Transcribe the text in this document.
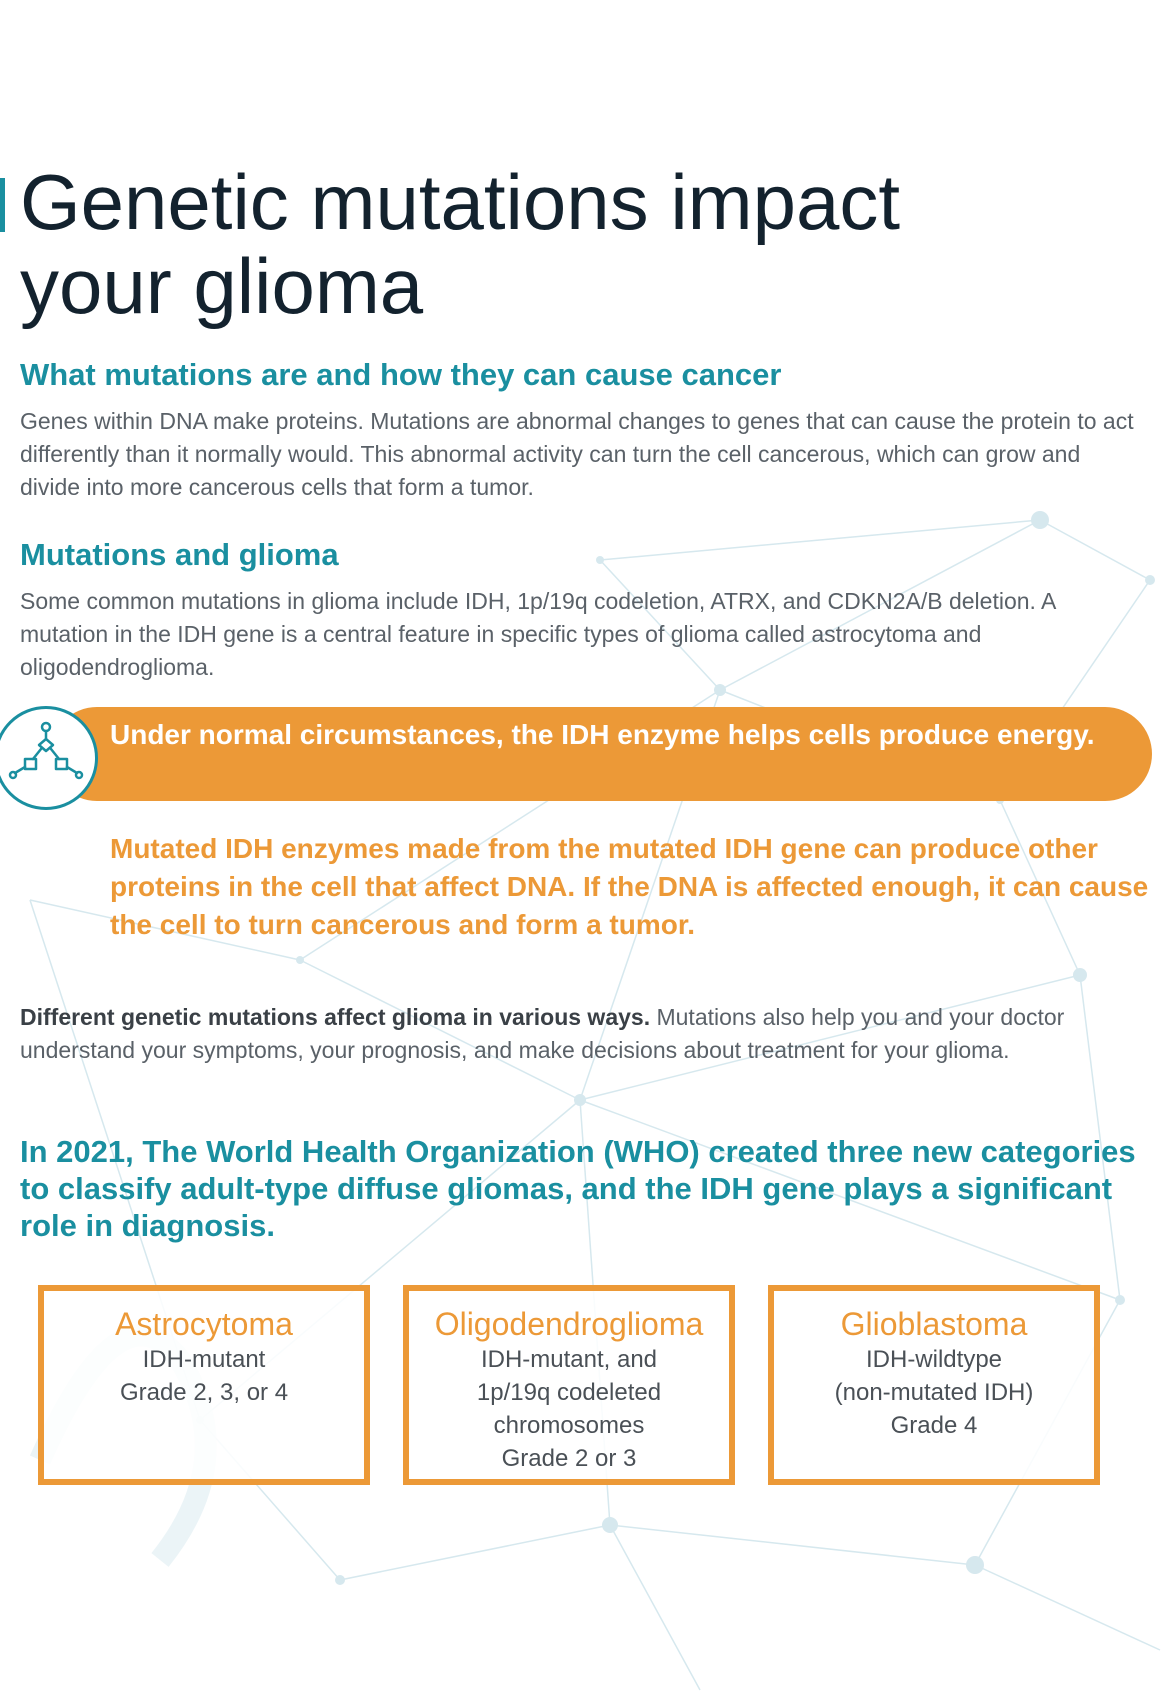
Genetic mutations impact your glioma
What mutations are and how they can cause cancer

Genes within DNA make proteins. Mutations are abnormal changes to genes that can cause the protein to act differently than it normally would. This abnormal activity can turn the cell cancerous, which can grow and divide into more cancerous cells that form a tumor.

Mutations and glioma

Some common mutations in glioma include IDH, 1p/19q codeletion, ATRX, and CDKN2A/B deletion. A mutation in the IDH gene is a central feature in specific types of glioma called astrocytoma and oligodendroglioma.

Under normal circumstances, the IDH enzyme helps cells produce energy.

Mutated IDH enzymes made from the mutated IDH gene can produce other proteins in the cell that affect DNA. If the DNA is affected enough, it can cause the cell to turn cancerous and form a tumor.

Different genetic mutations affect glioma in various ways. Mutations also help you and your doctor understand your symptoms, your prognosis, and make decisions about treatment for your glioma.

In 2021, The World Health Organization (WHO) created three new categories to classify adult-type diffuse gliomas, and the IDH gene plays a significant role in diagnosis.
Astrocytoma
IDH-mutant
Grade 2, 3, or 4
Oligodendroglioma
IDH-mutant, and
1p/19q codeleted
chromosomes
Grade 2 or 3
Glioblastoma
IDH-wildtype
(non-mutated IDH)
Grade 4
